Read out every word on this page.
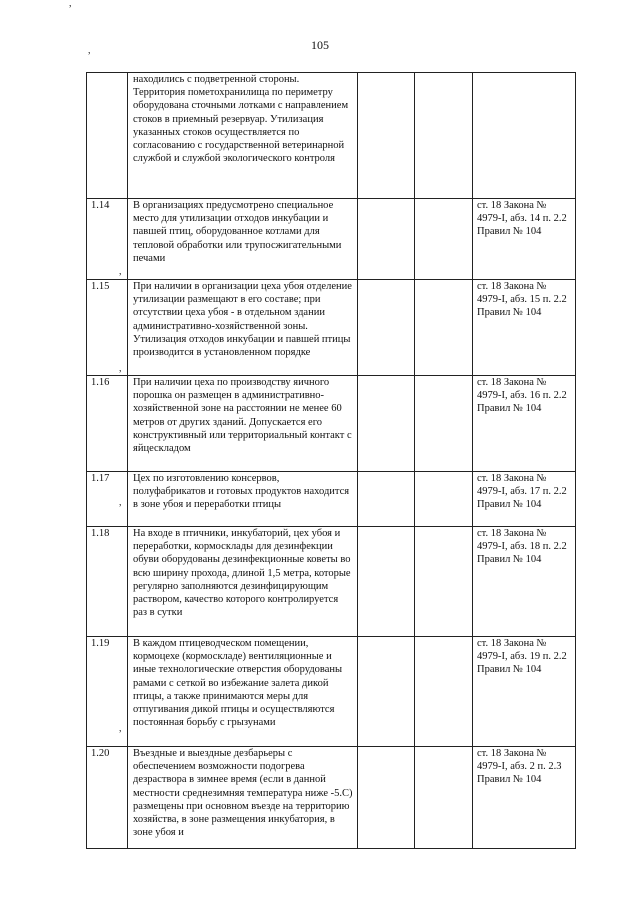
105
,
,
,
,
,
,
	находились с подветренной стороны. Территория пометохранилища по периметру оборудована сточными лотками с направлением стоков в приемный резервуар. Утилизация указанных стоков осуществляется по согласованию с государственной ветеринарной службой и службой экологического контроля			
1.14	В организациях предусмотрено специальное место для утилизации отходов инкубации и павшей птиц, оборудованное котлами для тепловой обработки или трупосжигательными печами			ст. 18 Закона № 4979-I, абз. 14 п. 2.2 Правил № 104
1.15	При наличии в организации цеха убоя отделение утилизации размещают в его составе; при отсутствии цеха убоя - в отдельном здании административно-хозяйственной зоны. Утилизация отходов инкубации и павшей птицы производится в установленном порядке			ст. 18 Закона № 4979-I, абз. 15 п. 2.2 Правил № 104
1.16	При наличии цеха по производству яичного порошка он размещен в административно-хозяйственной зоне на расстоянии не менее 60 метров от других зданий. Допускается его конструктивный или территориальный контакт с яйцескладом			ст. 18 Закона № 4979-I, абз. 16 п. 2.2 Правил № 104
1.17	Цех по изготовлению консервов, полуфабрикатов и готовых продуктов находится в зоне убоя и переработки птицы			ст. 18 Закона № 4979-I, абз. 17 п. 2.2 Правил № 104
1.18	На входе в птичники, инкубаторий, цех убоя и переработки, кормосклады для дезинфекции обуви оборудованы дезинфекционные коветы во всю ширину прохода, длиной 1,5 метра, которые регулярно заполняются дезинфицирующим раствором, качество которого контролируется раз в сутки			ст. 18 Закона № 4979-I, абз. 18 п. 2.2 Правил № 104
1.19	В каждом птицеводческом помещении, кормоцехе (кормоскладе) вентиляционные и иные технологические отверстия оборудованы рамами с сеткой во избежание залета дикой птицы, а также принимаются меры для отпугивания дикой птицы и осуществляются постоянная борьбу с грызунами			ст. 18 Закона № 4979-I, абз. 19 п. 2.2 Правил № 104
1.20	Въездные и выездные дезбарьеры с обеспечением возможности подогрева дезраствора в зимнее время (если в данной местности среднезимняя температура ниже -5.С) размещены при основном въезде на территорию хозяйства, в зоне размещения инкубатория, в зоне убоя и			ст. 18 Закона № 4979-I, абз. 2 п. 2.3 Правил № 104
